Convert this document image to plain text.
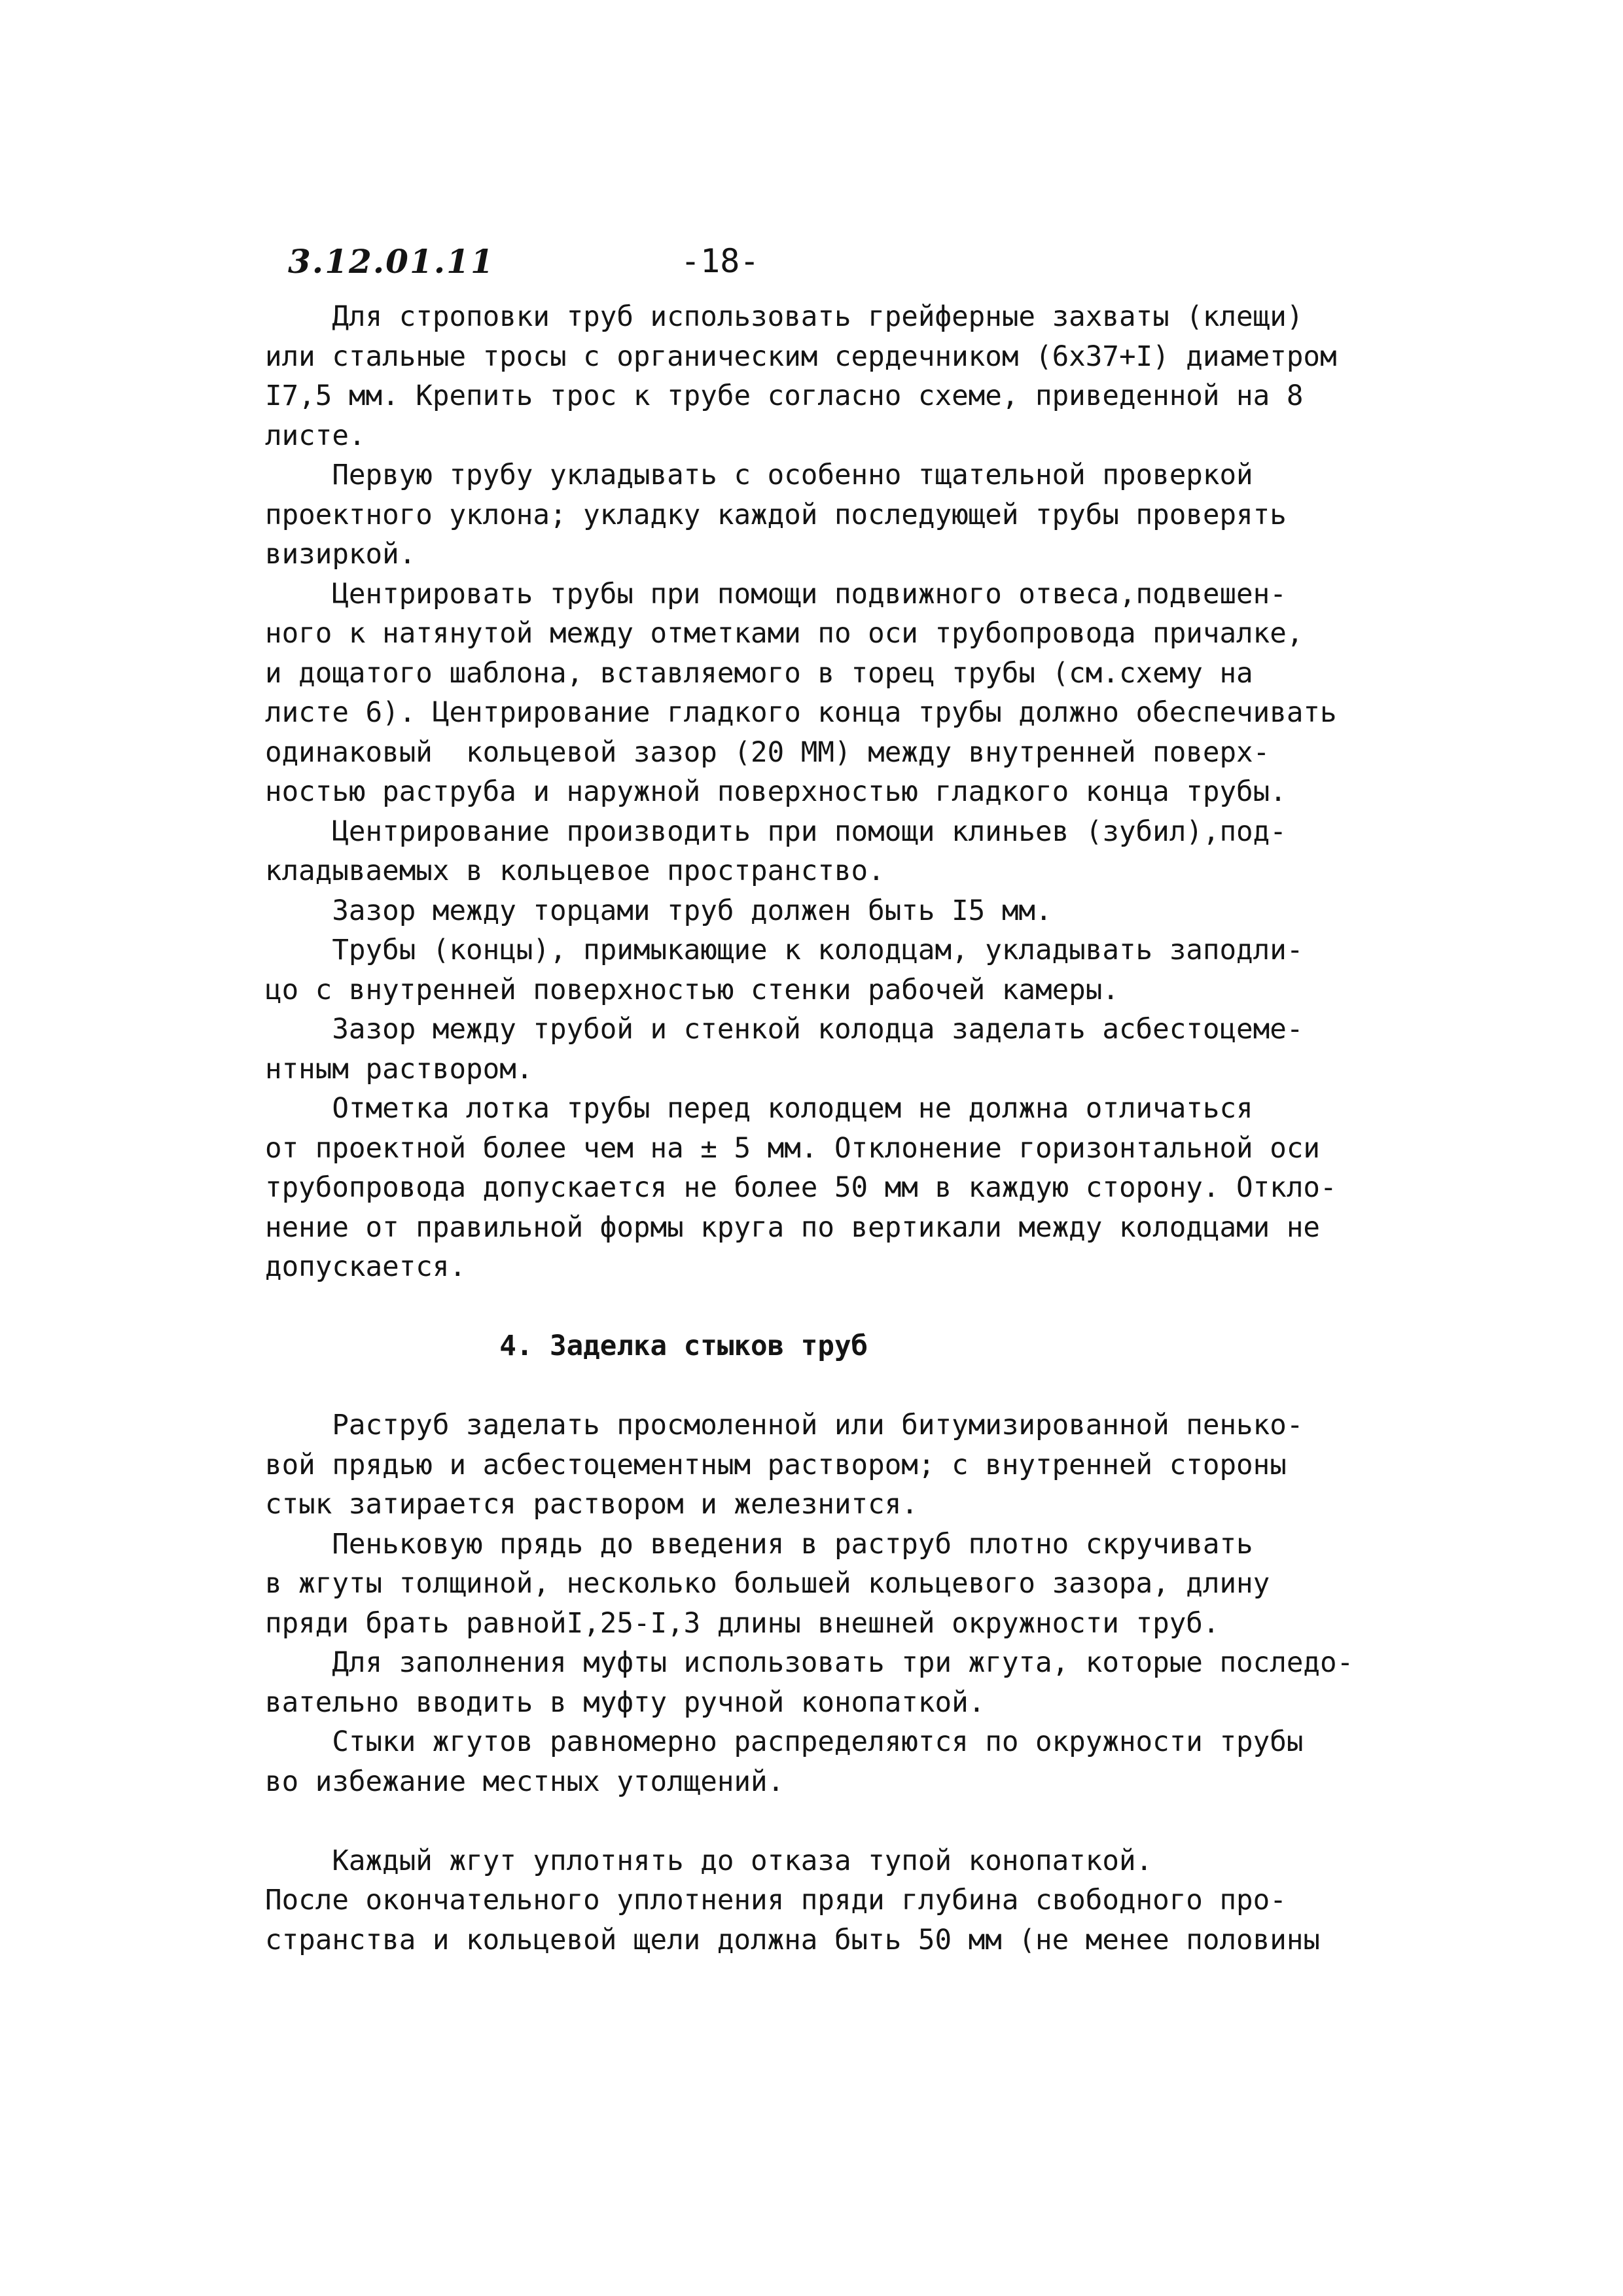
3.12.01.11	-18-
Для строповки труб использовать грейферные захваты (клещи)
или стальные тросы с органическим сердечником (6х37+I) диаметром
I7,5 мм. Крепить трос к трубе согласно схеме, приведенной на 8
листе.
Первую трубу укладывать с особенно тщательной проверкой
проектного уклона; укладку каждой последующей трубы проверять
визиркой.
Центрировать трубы при помощи подвижного отвеса,подвешен-
ного к натянутой между отметками по оси трубопровода причалке,
и дощатого шаблона, вставляемого в торец трубы (см.схему на
листе 6). Центрирование гладкого конца трубы должно обеспечивать
одинаковый  кольцевой зазор (20 ММ) между внутренней поверх-
ностью раструба и наружной поверхностью гладкого конца трубы.
Центрирование производить при помощи клиньев (зубил),под-
кладываемых в кольцевое пространство.
Зазор между торцами труб должен быть I5 мм.
Трубы (концы), примыкающие к колодцам, укладывать заподли-
цо с внутренней поверхностью стенки рабочей камеры.
Зазор между трубой и стенкой колодца заделать асбестоцеме-
нтным раствором.
Отметка лотка трубы перед колодцем не должна отличаться
от проектной более чем на ± 5 мм. Отклонение горизонтальной оси
трубопровода допускается не более 50 мм в каждую сторону. Откло-
нение от правильной формы круга по вертикали между колодцами не
допускается.
4. Заделка стыков труб
Раструб заделать просмоленной или битумизированной пенько-
вой прядью и асбестоцементным раствором; с внутренней стороны
стык затирается раствором и железнится.
Пеньковую прядь до введения в раструб плотно скручивать
в жгуты толщиной, несколько большей кольцевого зазора, длину
пряди брать равнойI,25-I,3 длины внешней окружности труб.
Для заполнения муфты использовать три жгута, которые последо-
вательно вводить в муфту ручной конопаткой.
Стыки жгутов равномерно распределяются по окружности трубы
во избежание местных утолщений.
Каждый жгут уплотнять до отказа тупой конопаткой.
После окончательного уплотнения пряди глубина свободного про-
странства и кольцевой щели должна быть 50 мм (не менее половины
